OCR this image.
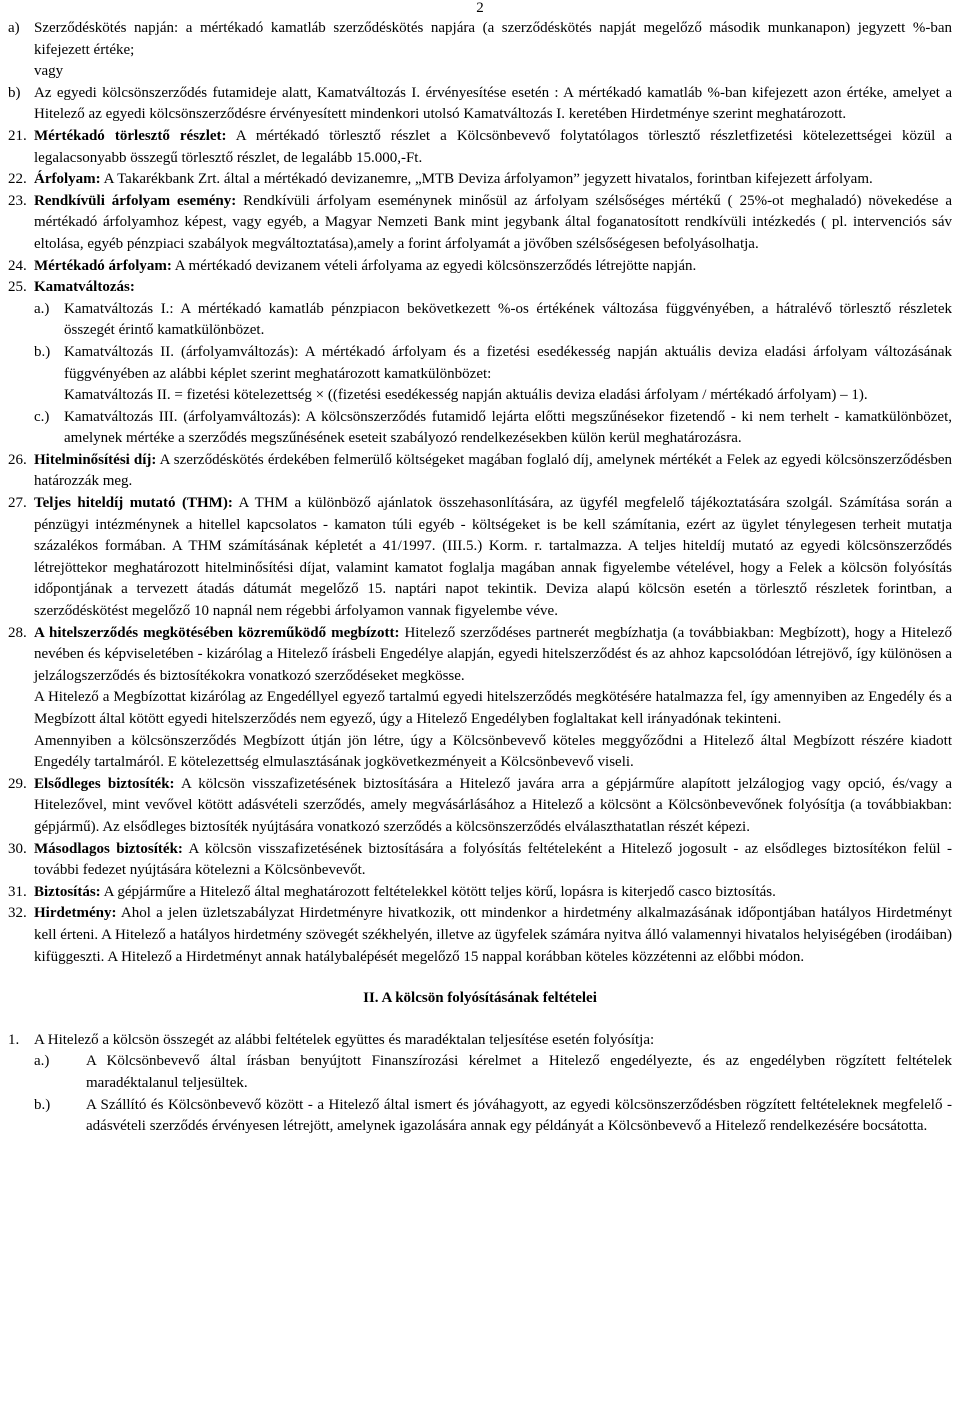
2
a) Szerződéskötés napján: a mértékadó kamatláb szerződéskötés napjára (a szerződéskötés napját megelőző második munkanapon) jegyzett %-ban kifejezett értéke;

vagy

b) Az egyedi kölcsönszerződés futamideje alatt, Kamatváltozás I. érvényesítése esetén : A mértékadó kamatláb %-ban kifejezett azon értéke, amelyet a Hitelező az egyedi kölcsönszerződésre érvényesített mindenkori utolsó Kamatváltozás I. keretében Hirdetménye szerint meghatározott.
21. Mértékadó törlesztő részlet: A mértékadó törlesztő részlet a Kölcsönbevevő folytatólagos törlesztő részletfizetési kötelezettségei közül a legalacsonyabb összegű törlesztő részlet, de legalább 15.000,-Ft.
22. Árfolyam: A Takarékbank Zrt. által a mértékadó devizanemre, „MTB Deviza árfolyamon” jegyzett hivatalos, forintban kifejezett árfolyam.
23. Rendkívüli árfolyam esemény: Rendkívüli árfolyam eseménynek minősül az árfolyam szélsőséges mértékű ( 25%-ot meghaladó) növekedése a mértékadó árfolyamhoz képest, vagy egyéb, a Magyar Nemzeti Bank mint jegybank által foganatosított rendkívüli intézkedés ( pl. intervenciós sáv eltolása, egyéb pénzpiaci szabályok megváltoztatása),amely a forint árfolyamát a jövőben szélsőségesen befolyásolhatja.
24. Mértékadó árfolyam: A mértékadó devizanem vételi árfolyama az egyedi kölcsönszerződés létrejötte napján.
25. Kamatváltozás:
a.) Kamatváltozás I.: A mértékadó kamatláb pénzpiacon bekövetkezett %-os értékének változása függvényében, a hátralévő törlesztő részletek összegét érintő kamatkülönbözet.
b.) Kamatváltozás II. (árfolyamváltozás): A mértékadó árfolyam és a fizetési esedékesség napján aktuális deviza eladási árfolyam változásának függvényében az alábbi képlet szerint meghatározott kamatkülönbözet:
Kamatváltozás II. = fizetési kötelezettség × ((fizetési esedékesség napján aktuális deviza eladási árfolyam / mértékadó árfolyam) – 1).
c.) Kamatváltozás III. (árfolyamváltozás): A kölcsönszerződés futamidő lejárta előtti megszűnésekor fizetendő - ki nem terhelt - kamatkülönbözet, amelynek mértéke a szerződés megszűnésének eseteit szabályozó rendelkezésekben külön kerül meghatározásra.
26. Hitelminősítési díj: A szerződéskötés érdekében felmerülő költségeket magában foglaló díj, amelynek mértékét a Felek az egyedi kölcsönszerződésben határozzák meg.
27. Teljes hiteldíj mutató (THM): A THM a különböző ajánlatok összehasonlítására, az ügyfél megfelelő tájékoztatására szolgál. Számítása során a pénzügyi intézménynek a hitellel kapcsolatos - kamaton túli egyéb - költségeket is be kell számítania, ezért az ügylet ténylegesen terheit mutatja százalékos formában. A THM számításának képletét a 41/1997. (III.5.) Korm. r. tartalmazza. A teljes hiteldíj mutató az egyedi kölcsönszerződés létrejöttekor meghatározott hitelminősítési díjat, valamint kamatot foglalja magában annak figyelembe vételével, hogy a Felek a kölcsön folyósítás időpontjának a tervezett átadás dátumát megelőző 15. naptári napot tekintik. Deviza alapú kölcsön esetén a törlesztő részletek forintban, a szerződéskötést megelőző 10 napnál nem régebbi árfolyamon vannak figyelembe véve.
28. A hitelszerződés megkötésében közreműködő megbízott: Hitelező szerződéses partnerét megbízhatja (a továbbiakban: Megbízott), hogy a Hitelező nevében és képviseletében - kizárólag a Hitelező írásbeli Engedélye alapján, egyedi hitelszerződést és az ahhoz kapcsolódóan létrejövő, így különösen a jelzálogszerződés és biztosítékokra vonatkozó szerződéseket megkösse.
A Hitelező a Megbízottat kizárólag az Engedéllyel egyező tartalmú egyedi hitelszerződés megkötésére hatalmazza fel, így amennyiben az Engedély és a Megbízott által kötött egyedi hitelszerződés nem egyező, úgy a Hitelező Engedélyben foglaltakat kell irányadónak tekinteni.
Amennyiben a kölcsönszerződés Megbízott útján jön létre, úgy a Kölcsönbevevő köteles meggyőződni a Hitelező által Megbízott részére kiadott Engedély tartalmáról. E kötelezettség elmulasztásának jogkövetkezményeit a Kölcsönbevevő viseli.
29. Elsődleges biztosíték: A kölcsön visszafizetésének biztosítására a Hitelező javára arra a gépjárműre alapított jelzálogjog vagy opció, és/vagy a Hitelezővel, mint vevővel kötött adásvételi szerződés, amely megvásárlásához a Hitelező a kölcsönt a Kölcsönbevevőnek folyósítja (a továbbiakban: gépjármű). Az elsődleges biztosíték nyújtására vonatkozó szerződés a kölcsönszerződés elválaszthatatlan részét képezi.
30. Másodlagos biztosíték: A kölcsön visszafizetésének biztosítására a folyósítás feltételeként a Hitelező jogosult - az elsődleges biztosítékon felül - további fedezet nyújtására kötelezni a Kölcsönbevevőt.
31. Biztosítás: A gépjárműre a Hitelező által meghatározott feltételekkel kötött teljes körű, lopásra is kiterjedő casco biztosítás.
32. Hirdetmény: Ahol a jelen üzletszabályzat Hirdetményre hivatkozik, ott mindenkor a hirdetmény alkalmazásának időpontjában hatályos Hirdetményt kell érteni. A Hitelező a hatályos hirdetmény szövegét székhelyén, illetve az ügyfelek számára nyitva álló valamennyi hivatalos helyiségében (irodáiban) kifüggeszti. A Hitelező a Hirdetményt annak hatálybalépését megelőző 15 nappal korábban köteles közzétenni az előbbi módon.

II. A kölcsön folyósításának feltételei

1. A Hitelező a kölcsön összegét az alábbi feltételek együttes és maradéktalan teljesítése esetén folyósítja:
a.)	A Kölcsönbevevő által írásban benyújtott Finanszírozási kérelmet a Hitelező engedélyezte, és az engedélyben rögzített feltételek maradéktalanul teljesültek.
b.)	A Szállító és Kölcsönbevevő között - a Hitelező által ismert és jóváhagyott, az egyedi kölcsönszerződésben rögzített feltételeknek megfelelő - adásvételi szerződés érvényesen létrejött, amelynek igazolására annak egy példányát a Kölcsönbevevő a Hitelező rendelkezésére bocsátotta.
